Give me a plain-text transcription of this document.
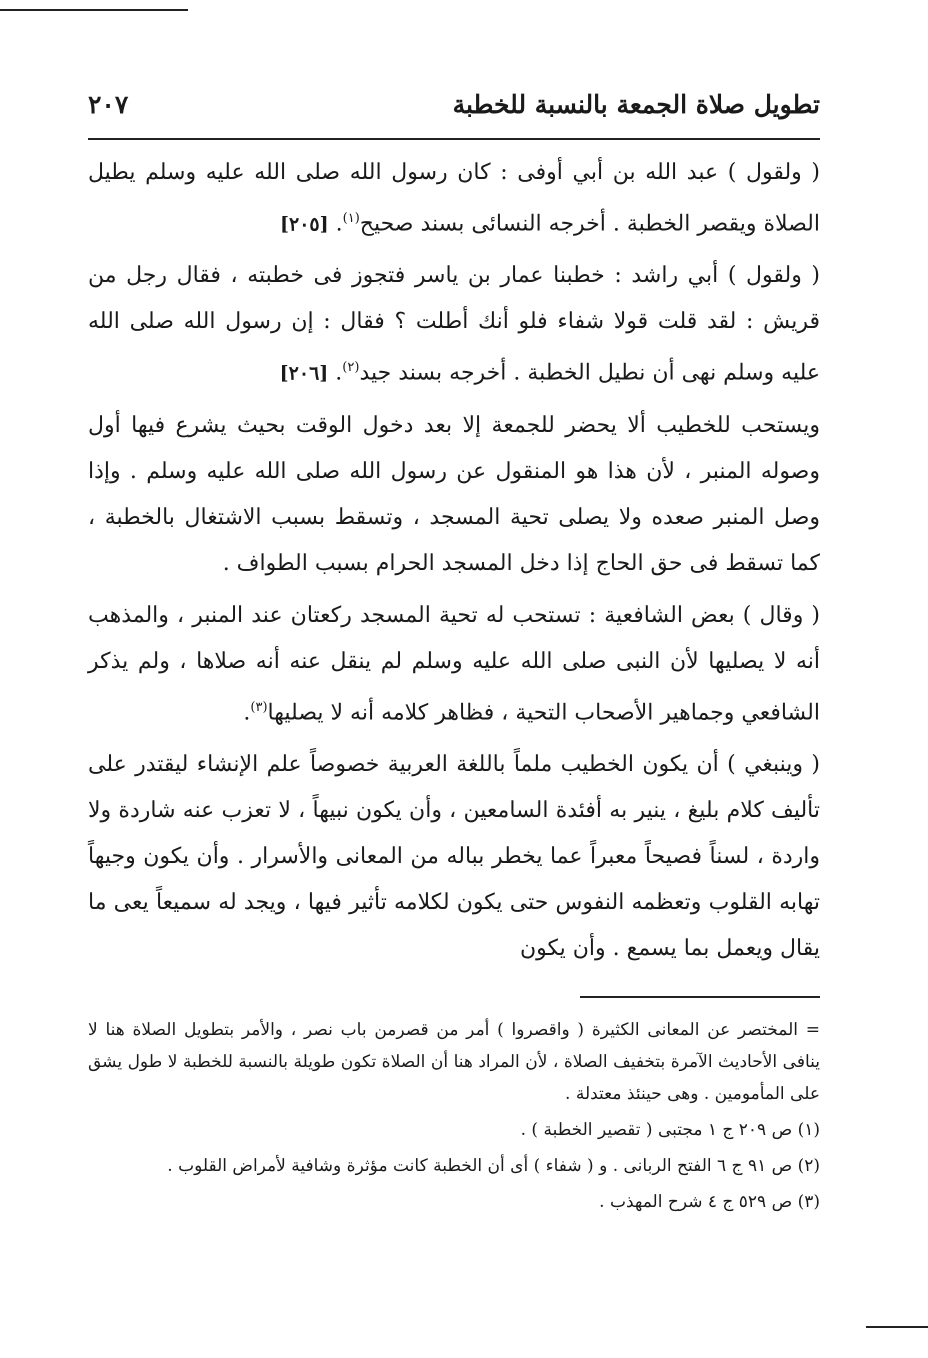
تطويل صلاة الجمعة بالنسبة للخطبة
٢٠٧

( ولقول ) عبد الله بن أبي أوفى : كان رسول الله صلى الله عليه وسلم يطيل الصلاة ويقصر الخطبة . أخرجه النسائى بسند صحيح$^{(١)}$. [٢٠٥]

( ولقول ) أبي راشد : خطبنا عمار بن ياسر فتجوز فى خطبته ، فقال رجل من قريش : لقد قلت قولا شفاء فلو أنك أطلت ؟ فقال : إن رسول الله صلى الله عليه وسلم نهى أن نطيل الخطبة . أخرجه بسند جيد$^{(٢)}$. [٢٠٦]

ويستحب للخطيب ألا يحضر للجمعة إلا بعد دخول الوقت بحيث يشرع فيها أول وصوله المنبر ، لأن هذا هو المنقول عن رسول الله صلى الله عليه وسلم . وإذا وصل المنبر صعده ولا يصلى تحية المسجد ، وتسقط بسبب الاشتغال بالخطبة ، كما تسقط فى حق الحاج إذا دخل المسجد الحرام بسبب الطواف .

( وقال ) بعض الشافعية : تستحب له تحية المسجد ركعتان عند المنبر ، والمذهب أنه لا يصليها لأن النبى صلى الله عليه وسلم لم ينقل عنه أنه صلاها ، ولم يذكر الشافعي وجماهير الأصحاب التحية ، فظاهر كلامه أنه لا يصليها$^{(٣)}$.

( وينبغي ) أن يكون الخطيب ملماً باللغة العربية خصوصاً علم الإنشاء ليقتدر على تأليف كلام بليغ ، ينير به أفئدة السامعين ، وأن يكون نبيهاً ، لا تعزب عنه شاردة ولا واردة ، لسناً فصيحاً معبراً عما يخطر بباله من المعانى والأسرار . وأن يكون وجيهاً تهابه القلوب وتعظمه النفوس حتى يكون لكلامه تأثير فيها ، ويجد له سميعاً يعى ما يقال ويعمل بما يسمع . وأن يكون

= المختصر عن المعانى الكثيرة ( واقصروا ) أمر من قصرمن باب نصر ، والأمر بتطويل الصلاة هنا لا ينافى الأحاديث الآمرة بتخفيف الصلاة ، لأن المراد هنا أن الصلاة تكون طويلة بالنسبة للخطبة لا طول يشق على المأمومين . وهى حينئذ معتدلة .

(١) ص ٢٠٩ ج ١ مجتبى ( تقصير الخطبة ) .

(٢) ص ٩١ ج ٦ الفتح الربانى . و ( شفاء ) أى أن الخطبة كانت مؤثرة وشافية لأمراض القلوب .

(٣) ص ٥٢٩ ج ٤ شرح المهذب .
